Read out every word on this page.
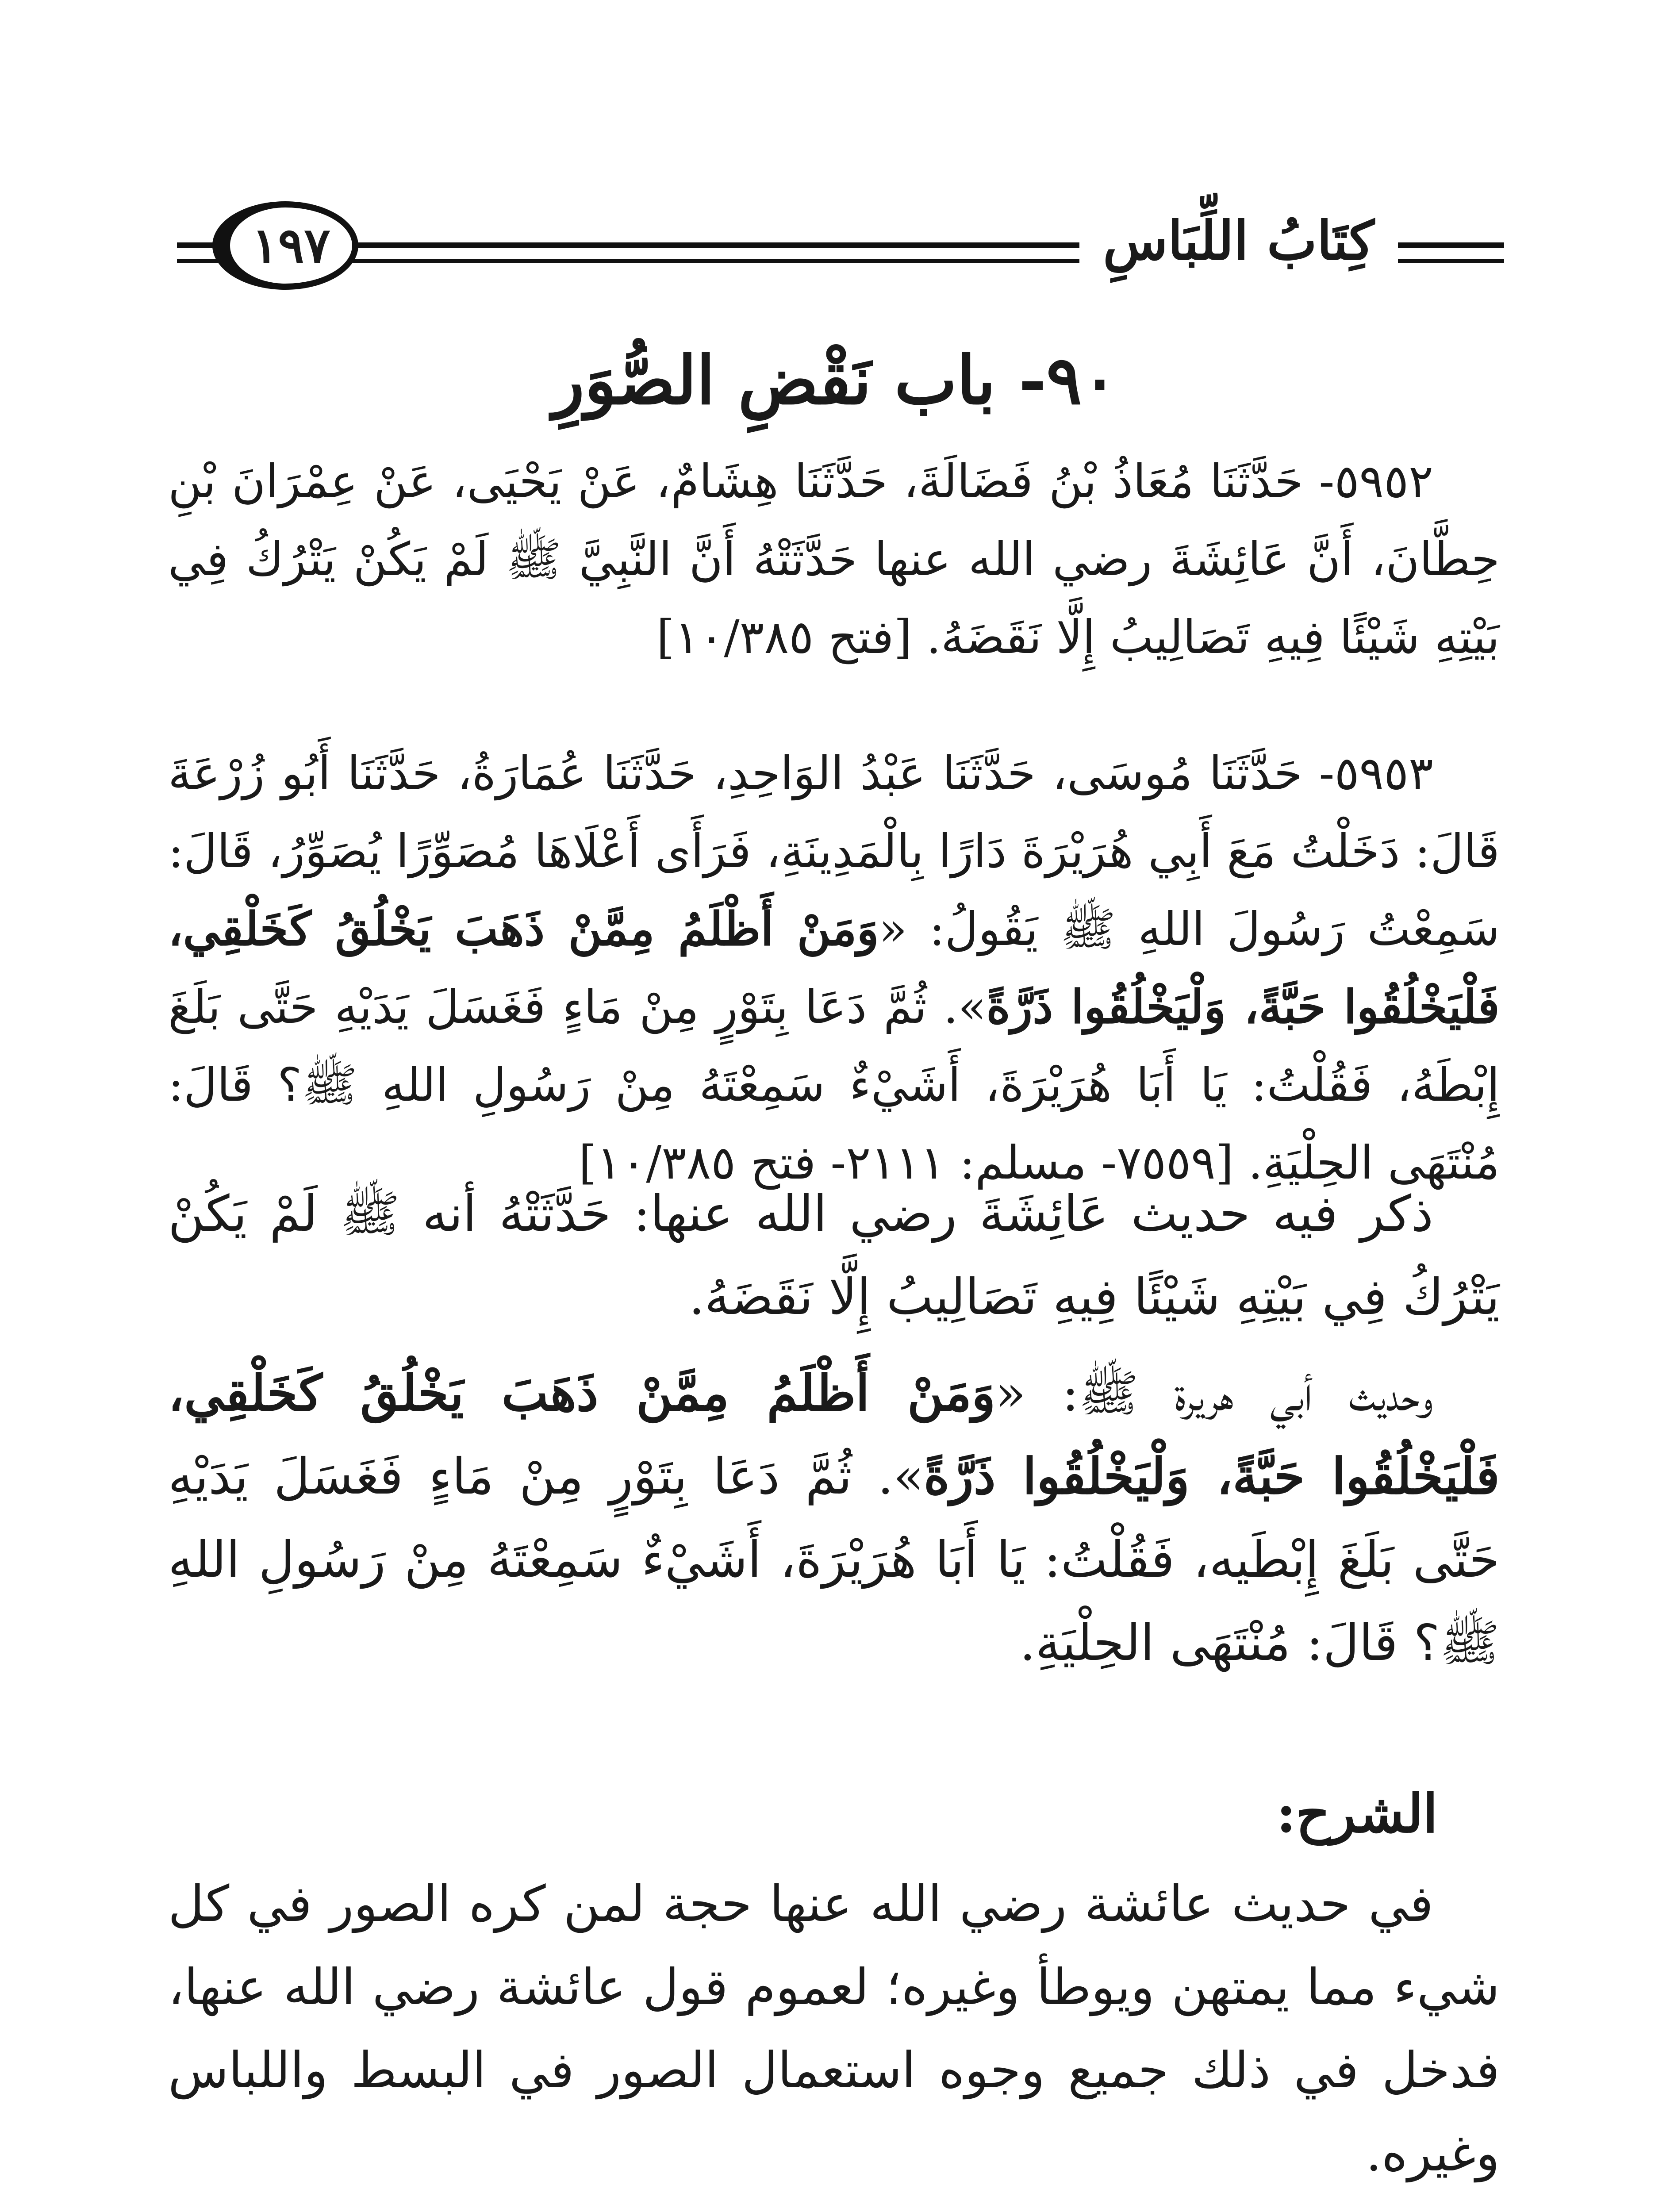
كِتَابُ اللِّبَاسِ
١٩٧
٩٠- باب نَقْضِ الصُّوَرِ

٥٩٥٢- حَدَّثَنَا مُعَاذُ بْنُ فَضَالَةَ، حَدَّثَنَا هِشَامٌ، عَنْ يَحْيَى، عَنْ عِمْرَانَ بْنِ حِطَّانَ، أَنَّ عَائِشَةَ رضي الله عنها حَدَّثَتْهُ أَنَّ النَّبِيَّ ﷺ لَمْ يَكُنْ يَتْرُكُ فِي بَيْتِهِ شَيْئًا فِيهِ تَصَالِيبُ إِلَّا نَقَضَهُ. [فتح ١٠/٣٨٥]

٥٩٥٣- حَدَّثَنَا مُوسَى، حَدَّثَنَا عَبْدُ الوَاحِدِ، حَدَّثَنَا عُمَارَةُ، حَدَّثَنَا أَبُو زُرْعَةَ قَالَ: دَخَلْتُ مَعَ أَبِي هُرَيْرَةَ دَارًا بِالْمَدِينَةِ، فَرَأَى أَعْلَاهَا مُصَوِّرًا يُصَوِّرُ، قَالَ: سَمِعْتُ رَسُولَ اللهِ ﷺ يَقُولُ: «وَمَنْ أَظْلَمُ مِمَّنْ ذَهَبَ يَخْلُقُ كَخَلْقِي، فَلْيَخْلُقُوا حَبَّةً، وَلْيَخْلُقُوا ذَرَّةً». ثُمَّ دَعَا بِتَوْرٍ مِنْ مَاءٍ فَغَسَلَ يَدَيْهِ حَتَّى بَلَغَ إِبْطَهُ، فَقُلْتُ: يَا أَبَا هُرَيْرَةَ، أَشَيْءٌ سَمِعْتَهُ مِنْ رَسُولِ اللهِ ﷺ؟ قَالَ: مُنْتَهَى الحِلْيَةِ. [٧٥٥٩- مسلم: ٢١١١- فتح ١٠/٣٨٥]

ذكر فيه حديث عَائِشَةَ رضي الله عنها: حَدَّثَتْهُ أنه ﷺ لَمْ يَكُنْ يَتْرُكُ فِي بَيْتِهِ شَيْئًا فِيهِ تَصَالِيبُ إِلَّا نَقَضَهُ.

وحديث أبي هريرة ﷺ: «وَمَنْ أَظْلَمُ مِمَّنْ ذَهَبَ يَخْلُقُ كَخَلْقِي، فَلْيَخْلُقُوا حَبَّةً، وَلْيَخْلُقُوا ذَرَّةً». ثُمَّ دَعَا بِتَوْرٍ مِنْ مَاءٍ فَغَسَلَ يَدَيْهِ حَتَّى بَلَغَ إِبْطَيه، فَقُلْتُ: يَا أَبَا هُرَيْرَةَ، أَشَيْءٌ سَمِعْتَهُ مِنْ رَسُولِ اللهِ ﷺ؟ قَالَ: مُنْتَهَى الحِلْيَةِ.

الشرح:

في حديث عائشة رضي الله عنها حجة لمن كره الصور في كل شيء مما يمتهن ويوطأ وغيره؛ لعموم قول عائشة رضي الله عنها، فدخل في ذلك جميع وجوه استعمال الصور في البسط واللباس وغيره.
